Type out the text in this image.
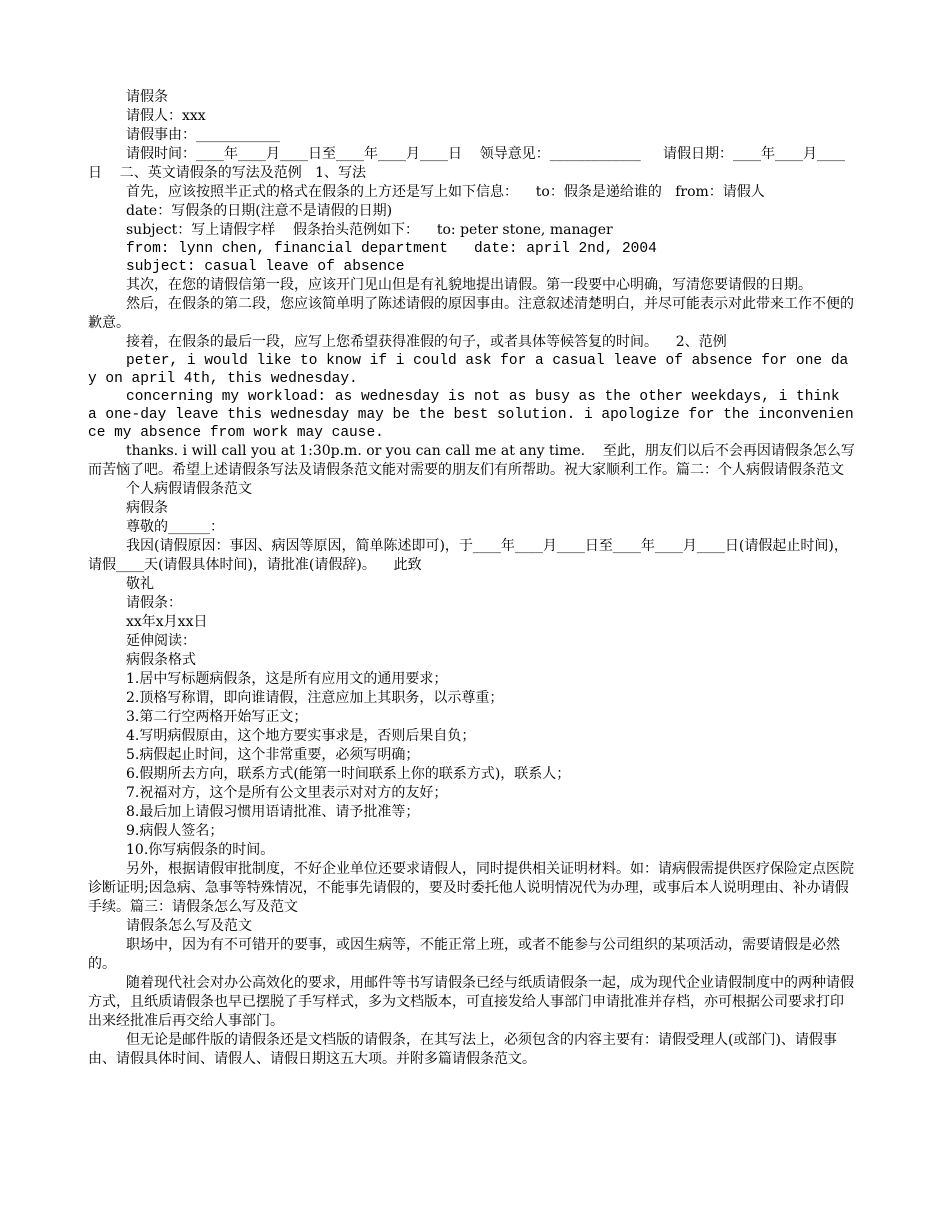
请假条

请假人：xxx

请假事由：____________

请假时间：____年____月____日至____年____月____日    领导意见：_____________     请假日期：____年____月____日    二、英文请假条的写法及范例   1、写法

首先，应该按照半正式的格式在假条的上方还是写上如下信息：    to：假条是递给谁的   from：请假人

date：写假条的日期(注意不是请假的日期)

subject：写上请假字样    假条抬头范例如下：    to: peter stone, manager

from: lynn chen, financial department   date: april 2nd, 2004

subject: casual leave of absence

其次，在您的请假信第一段，应该开门见山但是有礼貌地提出请假。第一段要中心明确，写清您要请假的日期。

然后，在假条的第二段，您应该简单明了陈述请假的原因事由。注意叙述清楚明白，并尽可能表示对此带来工作不便的歉意。

接着，在假条的最后一段，应写上您希望获得准假的句子，或者具体等候答复的时间。    2、范例

peter, i would like to know if i could ask for a casual leave of absence for one day on april 4th, this wednesday.

concerning my workload: as wednesday is not as busy as the other weekdays, i think a one-day leave this wednesday may be the best solution. i apologize for the inconvenience my absence from work may cause.

thanks. i will call you at 1:30p.m. or you can call me at any time.    至此，朋友们以后不会再因请假条怎么写而苦恼了吧。希望上述请假条写法及请假条范文能对需要的朋友们有所帮助。祝大家顺利工作。篇二：个人病假请假条范文

个人病假请假条范文

病假条

尊敬的______：

我因(请假原因：事因、病因等原因，简单陈述即可)，于____年____月____日至____年____月____日(请假起止时间)，请假____天(请假具体时间)，请批准(请假辞)。    此致

敬礼

请假条：

xx年x月xx日

延伸阅读：

病假条格式

1.居中写标题病假条，这是所有应用文的通用要求；

2.顶格写称谓，即向谁请假，注意应加上其职务，以示尊重；

3.第二行空两格开始写正文；

4.写明病假原由，这个地方要实事求是，否则后果自负；

5.病假起止时间，这个非常重要，必须写明确；

6.假期所去方向，联系方式(能第一时间联系上你的联系方式)，联系人；

7.祝福对方，这个是所有公文里表示对对方的友好；

8.最后加上请假习惯用语请批准、请予批准等；

9.病假人签名；

10.你写病假条的时间。

另外，根据请假审批制度，不好企业单位还要求请假人，同时提供相关证明材料。如：请病假需提供医疗保险定点医院诊断证明;因急病、急事等特殊情况，不能事先请假的，要及时委托他人说明情况代为办理，或事后本人说明理由、补办请假手续。篇三：请假条怎么写及范文

请假条怎么写及范文

职场中，因为有不可错开的要事，或因生病等，不能正常上班，或者不能参与公司组织的某项活动，需要请假是必然的。

随着现代社会对办公高效化的要求，用邮件等书写请假条已经与纸质请假条一起，成为现代企业请假制度中的两种请假方式，且纸质请假条也早已摆脱了手写样式，多为文档版本，可直接发给人事部门申请批准并存档，亦可根据公司要求打印出来经批准后再交给人事部门。

但无论是邮件版的请假条还是文档版的请假条，在其写法上，必须包含的内容主要有：请假受理人(或部门)、请假事由、请假具体时间、请假人、请假日期这五大项。并附多篇请假条范文。
